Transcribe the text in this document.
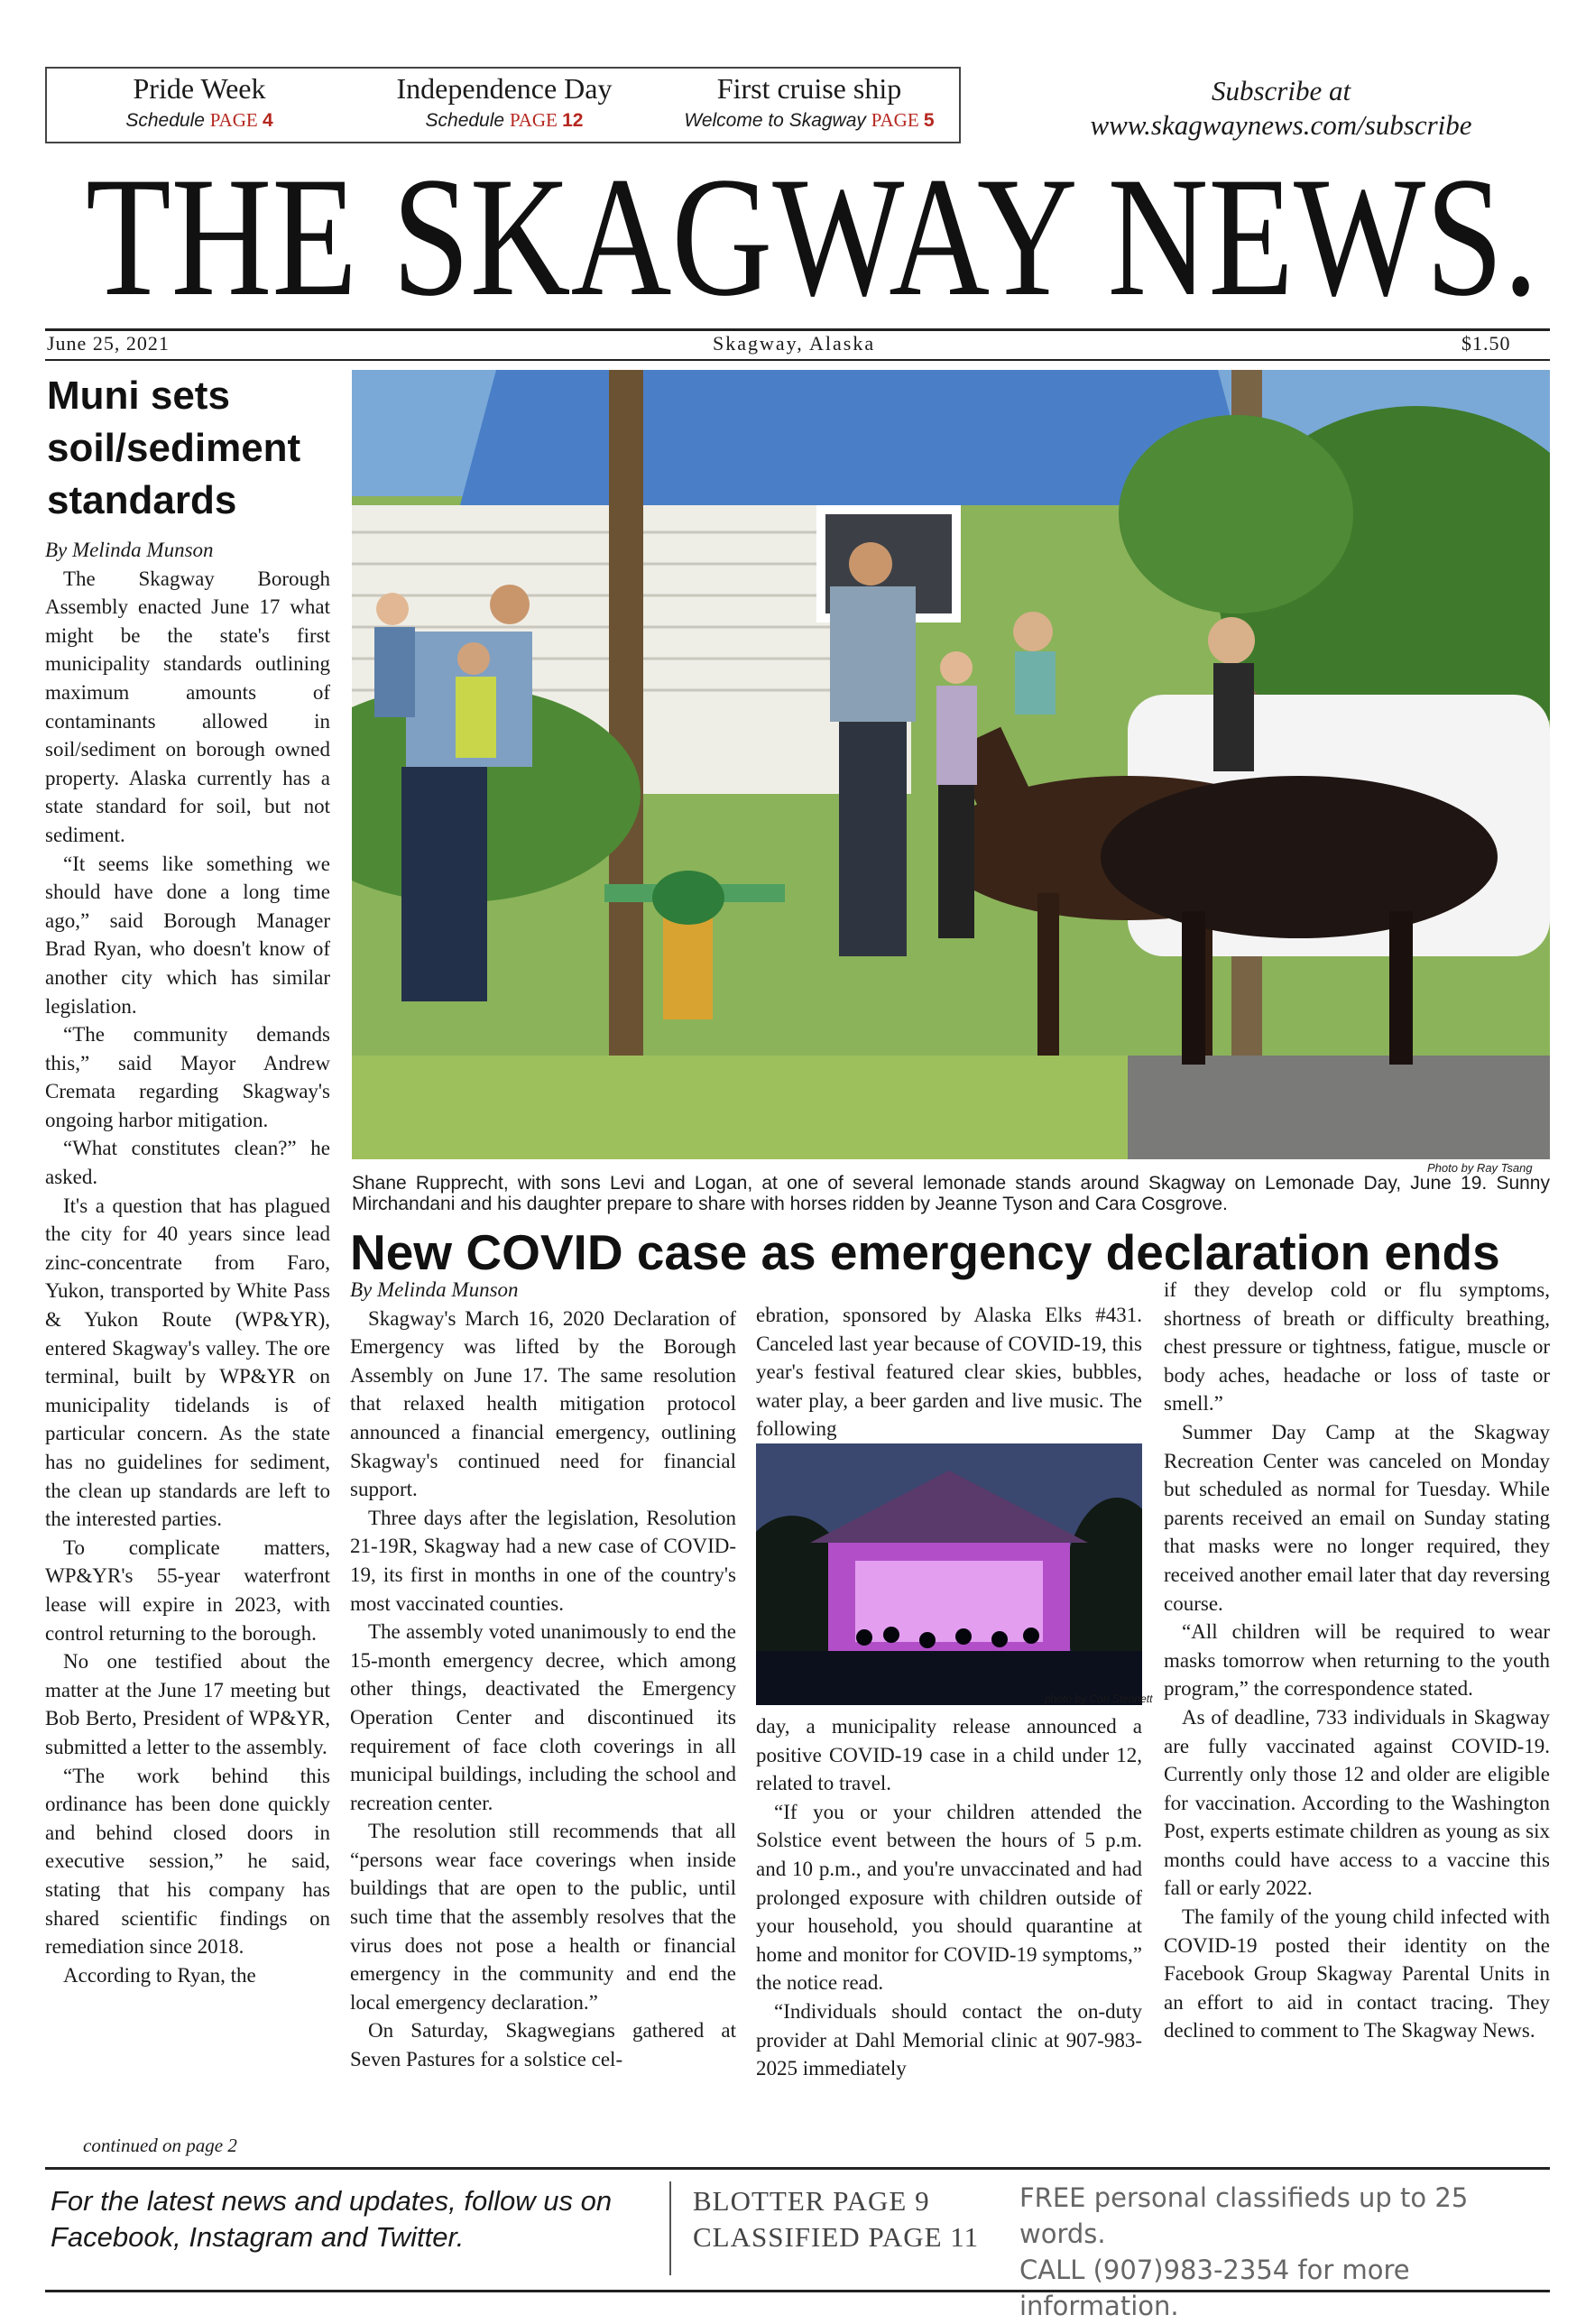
Pride Week
Schedule PAGE 4
Independence Day
Schedule PAGE 12
First cruise ship
Welcome to Skagway PAGE 5
Subscribe at
www.skagwaynews.com/subscribe
THE SKAGWAY NEWS.
June 25, 2021	Skagway, Alaska	$1.50
Muni sets
soil/sediment
standards
By Melinda Munson

The Skagway Borough Assembly enacted June 17 what might be the state's first municipality standards outlining maximum amounts of contaminants allowed in soil/sediment on borough owned property. Alaska currently has a state standard for soil, but not sediment.

“It seems like something we should have done a long time ago,” said Borough Manager Brad Ryan, who doesn't know of another city which has similar legislation.

“The community demands this,” said Mayor Andrew Cremata regarding Skagway's ongoing harbor mitigation.

“What constitutes clean?” he asked.

It's a question that has plagued the city for 40 years since lead zinc-concentrate from Faro, Yukon, transported by White Pass & Yukon Route (WP&YR), entered Skagway's valley. The ore terminal, built by WP&YR on municipality tidelands is of particular concern. As the state has no guidelines for sediment, the clean up standards are left to the interested parties.

To complicate matters, WP&YR's 55-year waterfront lease will expire in 2023, with control returning to the borough.

No one testified about the matter at the June 17 meeting but Bob Berto, President of WP&YR, submitted a letter to the assembly.

“The work behind this ordinance has been done quickly and behind closed doors in executive session,” he said, stating that his company has shared scientific findings on remediation since 2018.

According to Ryan, the

continued on page 2
Photo by Ray Tsang
Shane Rupprecht, with sons Levi and Logan, at one of several lemonade stands around Skagway on Lemonade Day, June 19. Sunny Mirchandani and his daughter prepare to share with horses ridden by Jeanne Tyson and Cara Cosgrove.
New COVID case as emergency declaration ends
By Melinda Munson

Skagway's March 16, 2020 Declaration of Emergency was lifted by the Borough Assembly on June 17. The same resolution that relaxed health mitigation protocol announced a financial emergency, outlining Skagway's continued need for financial support.

Three days after the legislation, Resolution 21-19R, Skagway had a new case of COVID-19, its first in months in one of the country's most vaccinated counties.

The assembly voted unanimously to end the 15-month emergency decree, which among other things, deactivated the Emergency Operation Center and discontinued its requirement of face cloth coverings in all municipal buildings, including the school and recreation center.

The resolution still recommends that all “persons wear face coverings when inside buildings that are open to the public, until such time that the assembly resolves that the virus does not pose a health or financial emergency in the community and end the local emergency declaration.”

On Saturday, Skagwegians gathered at Seven Pastures for a solstice cel-

ebration, sponsored by Alaska Elks #431. Canceled last year because of COVID-19, this year's festival featured clear skies, bubbles, water play, a beer garden and live music. The following

photo by Cori Stennett

day, a municipality release announced a positive COVID-19 case in a child under 12, related to travel.

“If you or your children attended the Solstice event between the hours of 5 p.m. and 10 p.m., and you're unvaccinated and had prolonged exposure with children outside of your household, you should quarantine at home and monitor for COVID-19 symptoms,” the notice read.

“Individuals should contact the on-duty provider at Dahl Memorial clinic at 907-983-2025 immediately

if they develop cold or flu symptoms, shortness of breath or difficulty breathing, chest pressure or tightness, fatigue, muscle or body aches, headache or loss of taste or smell.”

Summer Day Camp at the Skagway Recreation Center was canceled on Monday but scheduled as normal for Tuesday. While parents received an email on Sunday stating that masks were no longer required, they received another email later that day reversing course.

“All children will be required to wear masks tomorrow when returning to the youth program,” the correspondence stated.

As of deadline, 733 individuals in Skagway are fully vaccinated against COVID-19. Currently only those 12 and older are eligible for vaccination. According to the Washington Post, experts estimate children as young as six months could have access to a vaccine this fall or early 2022.

The family of the young child infected with COVID-19 posted their identity on the Facebook Group Skagway Parental Units in an effort to aid in contact tracing. They declined to comment to The Skagway News.

For the latest news and updates, follow us on
Facebook, Instagram and Twitter.
BLOTTER PAGE 9
CLASSIFIED PAGE 11
FREE personal classifieds up to 25 words.
CALL (907)983-2354 for more information.
